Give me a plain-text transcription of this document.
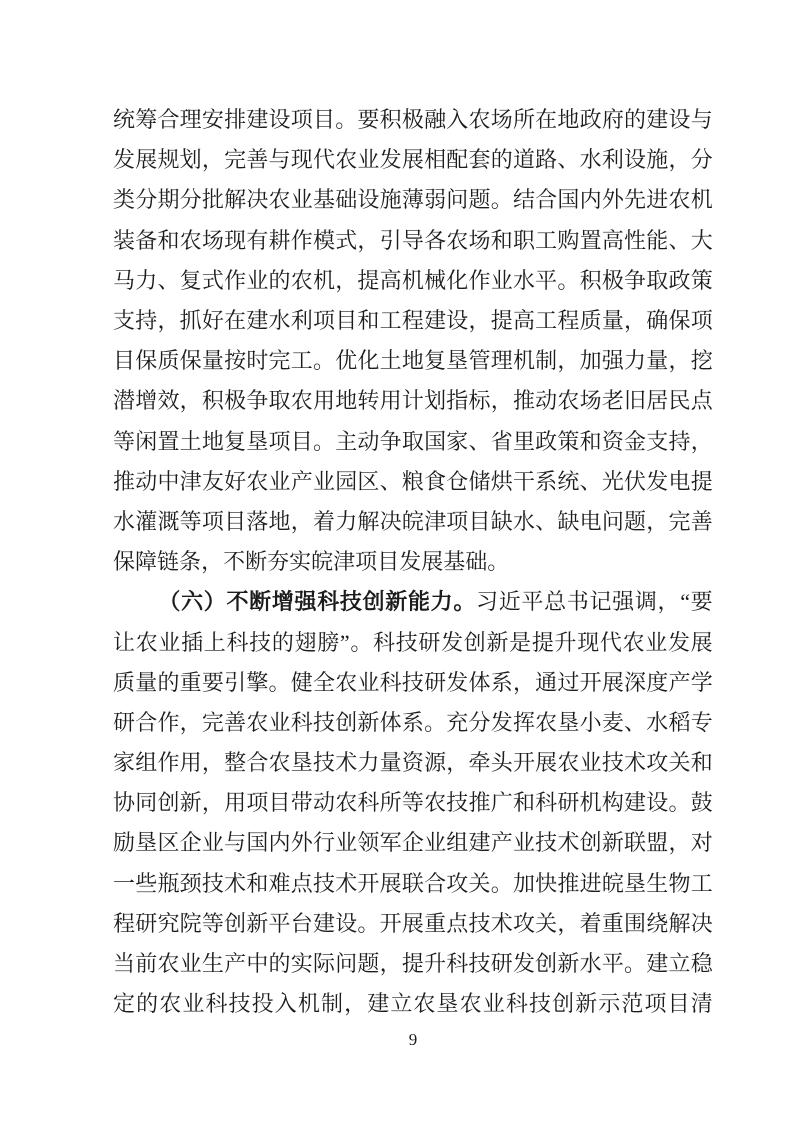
统 筹 合 理 安 排 建 设 项 目 。 要 积 极 融 入 农 场 所 在 地 政 府 的 建 设 与
发 展 规 划 ， 完 善 与 现 代 农 业 发 展 相 配 套 的 道 路 、 水 利 设 施 ， 分
类 分 期 分 批 解 决 农 业 基 础 设 施 薄 弱 问 题 。 结 合 国 内 外 先 进 农 机
装 备 和 农 场 现 有 耕 作 模 式 ， 引 导 各 农 场 和 职 工 购 置 高 性 能 、 大
马 力 、 复 式 作 业 的 农 机 ， 提 高 机 械 化 作 业 水 平 。 积 极 争 取 政 策
支 持 ， 抓 好 在 建 水 利 项 目 和 工 程 建 设 ， 提 高 工 程 质 量 ， 确 保 项
目 保 质 保 量 按 时 完 工 。 优 化 土 地 复 垦 管 理 机 制 ， 加 强 力 量 ， 挖
潜 增 效 ， 积 极 争 取 农 用 地 转 用 计 划 指 标 ， 推 动 农 场 老 旧 居 民 点
等 闲 置 土 地 复 垦 项 目 。 主 动 争 取 国 家 、 省 里 政 策 和 资 金 支 持 ，
推 动 中 津 友 好 农 业 产 业 园 区 、 粮 食 仓 储 烘 干 系 统 、 光 伏 发 电 提
水 灌 溉 等 项 目 落 地 ， 着 力 解 决 皖 津 项 目 缺 水 、 缺 电 问 题 ， 完 善
保 障 链 条 ， 不 断 夯 实 皖 津 项 目 发 展 基 础 。

（ 六 ） 不 断 增 强 科 技 创 新 能 力 。 习 近 平 总 书 记 强 调 ， “ 要
让 农 业 插 上 科 技 的 翅 膀 ” 。 科 技 研 发 创 新 是 提 升 现 代 农 业 发 展
质 量 的 重 要 引 擎 。 健 全 农 业 科 技 研 发 体 系 ， 通 过 开 展 深 度 产 学
研 合 作 ， 完 善 农 业 科 技 创 新 体 系 。 充 分 发 挥 农 垦 小 麦 、 水 稻 专
家 组 作 用 ， 整 合 农 垦 技 术 力 量 资 源 ， 牵 头 开 展 农 业 技 术 攻 关 和
协 同 创 新 ， 用 项 目 带 动 农 科 所 等 农 技 推 广 和 科 研 机 构 建 设 。 鼓
励 垦 区 企 业 与 国 内 外 行 业 领 军 企 业 组 建 产 业 技 术 创 新 联 盟 ， 对
一 些 瓶 颈 技 术 和 难 点 技 术 开 展 联 合 攻 关 。 加 快 推 进 皖 垦 生 物 工
程 研 究 院 等 创 新 平 台 建 设 。 开 展 重 点 技 术 攻 关 ， 着 重 围 绕 解 决
当 前 农 业 生 产 中 的 实 际 问 题 ， 提 升 科 技 研 发 创 新 水 平 。 建 立 稳
定 的 农 业 科 技 投 入 机 制 ， 建 立 农 垦 农 业 科 技 创 新 示 范 项 目 清
9
